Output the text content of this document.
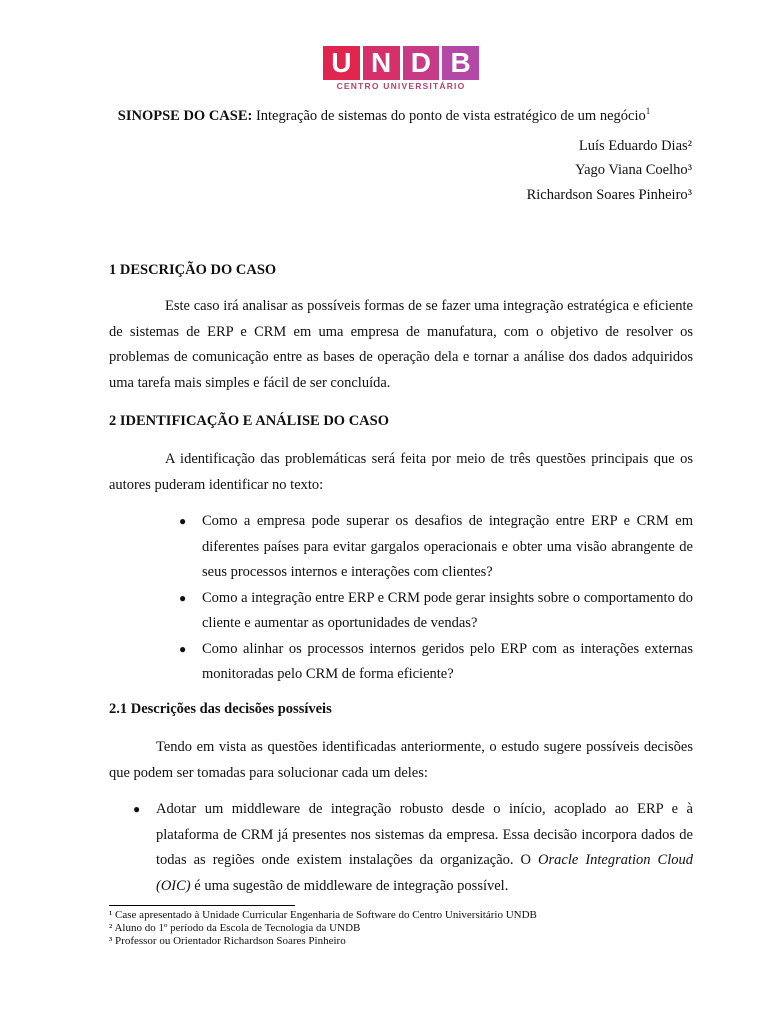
U N D B
CENTRO UNIVERSITÁRIO
SINOPSE DO CASE: Integração de sistemas do ponto de vista estratégico de um negócio$^1$
Luís Eduardo Dias²
Yago Viana Coelho³
Richardson Soares Pinheiro³
1 DESCRIÇÃO DO CASO

Este caso irá analisar as possíveis formas de se fazer uma integração estratégica e eficiente de sistemas de ERP e CRM em uma empresa de manufatura, com o objetivo de resolver os problemas de comunicação entre as bases de operação dela e tornar a análise dos dados adquiridos uma tarefa mais simples e fácil de ser concluída.

2 IDENTIFICAÇÃO E ANÁLISE DO CASO

A identificação das problemáticas será feita por meio de três questões principais que os autores puderam identificar no texto:

● Como a empresa pode superar os desafios de integração entre ERP e CRM em diferentes países para evitar gargalos operacionais e obter uma visão abrangente de seus processos internos e interações com clientes?
● Como a integração entre ERP e CRM pode gerar insights sobre o comportamento do cliente e aumentar as oportunidades de vendas?
● Como alinhar os processos internos geridos pelo ERP com as interações externas monitoradas pelo CRM de forma eficiente?
2.1 Descrições das decisões possíveis

Tendo em vista as questões identificadas anteriormente, o estudo sugere possíveis decisões que podem ser tomadas para solucionar cada um deles:

● Adotar um middleware de integração robusto desde o início, acoplado ao ERP e à plataforma de CRM já presentes nos sistemas da empresa. Essa decisão incorpora dados de todas as regiões onde existem instalações da organização. O Oracle Integration Cloud (OIC) é uma sugestão de middleware de integração possível.
¹ Case apresentado à Unidade Curricular Engenharia de Software do Centro Universitário UNDB
² Aluno do 1º período da Escola de Tecnologia da UNDB
³ Professor ou Orientador Richardson Soares Pinheiro
